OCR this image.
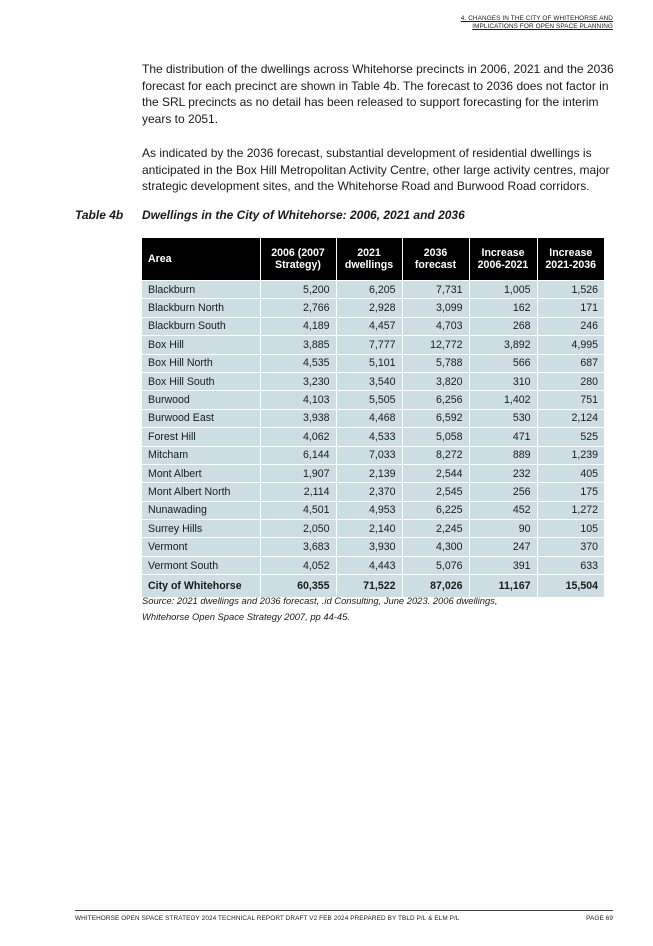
4. CHANGES IN THE CITY OF WHITEHORSE AND
IMPLICATIONS FOR OPEN SPACE PLANNING

The distribution of the dwellings across Whitehorse precincts in 2006, 2021 and the 2036 forecast for each precinct are shown in Table 4b. The forecast to 2036 does not factor in the SRL precincts as no detail has been released to support forecasting for the interim years to 2051.

As indicated by the 2036 forecast, substantial development of residential dwellings is anticipated in the Box Hill Metropolitan Activity Centre, other large activity centres, major strategic development sites, and the Whitehorse Road and Burwood Road corridors.

Table 4b Dwellings in the City of Whitehorse: 2006, 2021 and 2036
Area	2006 (2007 Strategy)	2021 dwellings	2036 forecast	Increase 2006-2021	Increase 2021-2036
Blackburn	5,200	6,205	7,731	1,005	1,526
Blackburn North	2,766	2,928	3,099	162	171
Blackburn South	4,189	4,457	4,703	268	246
Box Hill	3,885	7,777	12,772	3,892	4,995
Box Hill North	4,535	5,101	5,788	566	687
Box Hill South	3,230	3,540	3,820	310	280
Burwood	4,103	5,505	6,256	1,402	751
Burwood East	3,938	4,468	6,592	530	2,124
Forest Hill	4,062	4,533	5,058	471	525
Mitcham	6,144	7,033	8,272	889	1,239
Mont Albert	1,907	2,139	2,544	232	405
Mont Albert North	2,114	2,370	2,545	256	175
Nunawading	4,501	4,953	6,225	452	1,272
Surrey Hills	2,050	2,140	2,245	90	105
Vermont	3,683	3,930	4,300	247	370
Vermont South	4,052	4,443	5,076	391	633
City of Whitehorse	60,355	71,522	87,026	11,167	15,504
Source: 2021 dwellings and 2036 forecast, .id Consulting, June 2023. 2006 dwellings,
Whitehorse Open Space Strategy 2007, pp 44-45.
WHITEHORSE OPEN SPACE STRATEGY 2024 TECHNICAL REPORT DRAFT V2 FEB 2024 PREPARED BY TBLD P/L & ELM P/L	PAGE 69
